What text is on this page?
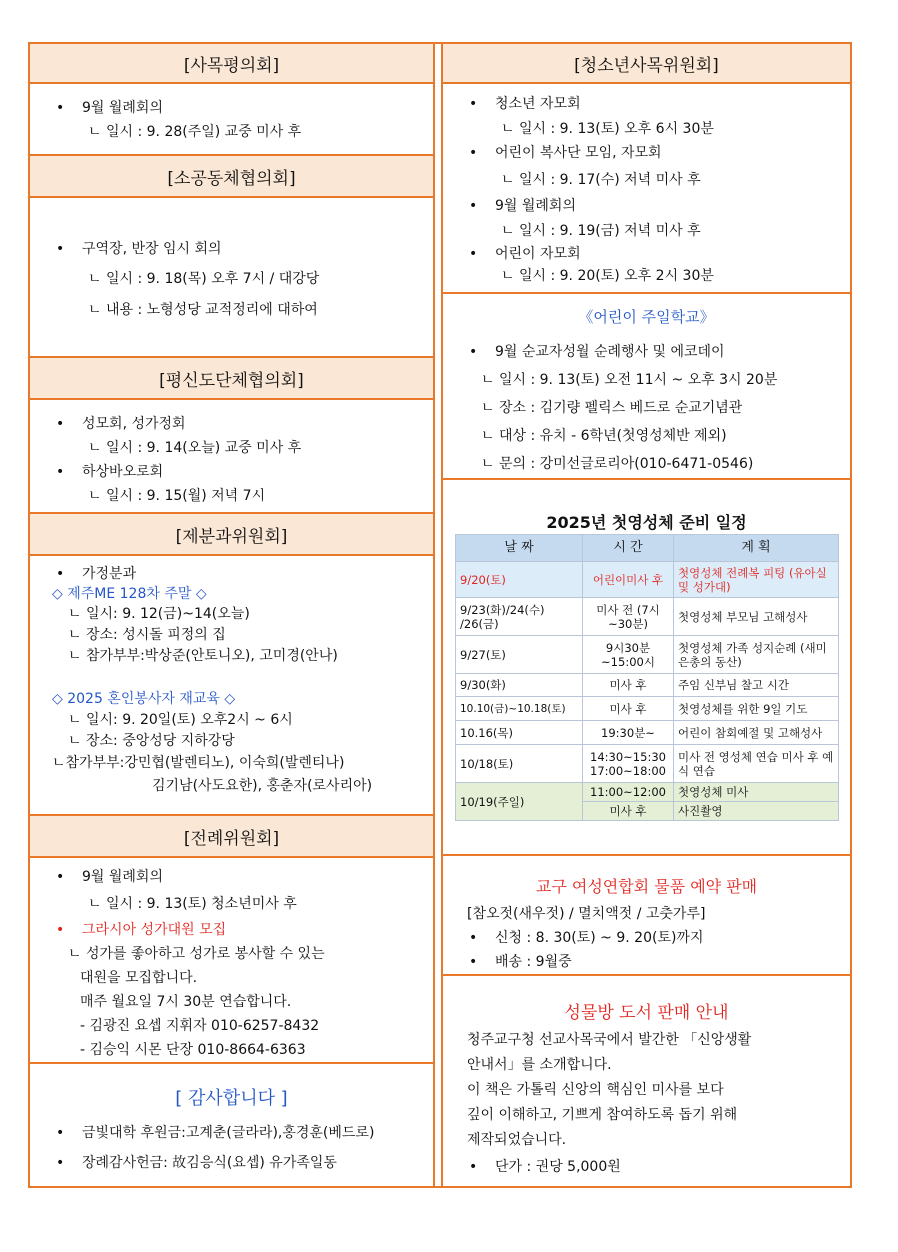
[사목평의회]
• 9월 월례회의
ㄴ 일시 : 9. 28(주일) 교중 미사 후
[소공동체협의회]
• 구역장, 반장 임시 회의
ㄴ 일시 : 9. 18(목) 오후 7시 / 대강당
ㄴ 내용 : 노형성당 교적정리에 대하여
[평신도단체협의회]
• 성모회, 성가정회
ㄴ 일시 : 9. 14(오늘) 교중 미사 후
• 하상바오로회
ㄴ 일시 : 9. 15(월) 저녁 7시
[제분과위원회]
• 가정분과
◇ 제주ME 128차 주말 ◇
ㄴ 일시: 9. 12(금)~14(오늘)
ㄴ 장소: 성시돌 피정의 집
ㄴ 참가부부:박상준(안토니오), 고미경(안나)
◇ 2025 혼인봉사자 재교육 ◇
ㄴ 일시: 9. 20일(토) 오후2시 ~ 6시
ㄴ 장소: 중앙성당 지하강당
ㄴ참가부부:강민협(발렌티노), 이숙희(발렌티나)
김기남(사도요한), 홍춘자(로사리아)
[전례위원회]
• 9월 월례회의
ㄴ 일시 : 9. 13(토) 청소년미사 후
• 그라시아 성가대원 모집
ㄴ 성가를 좋아하고 성가로 봉사할 수 있는
대원을 모집합니다.
매주 월요일 7시 30분 연습합니다.
- 김광진 요셉 지휘자 010-6257-8432
- 김승익 시몬 단장 010-8664-6363
[ 감사합니다 ]
• 금빛대학 후원금:고계춘(글라라),홍경훈(베드로)
• 장례감사헌금: 故김응식(요셉) 유가족일동
[청소년사목위원회]
• 청소년 자모회
ㄴ 일시 : 9. 13(토) 오후 6시 30분
• 어린이 복사단 모임, 자모회
ㄴ 일시 : 9. 17(수) 저녁 미사 후
• 9월 월례회의
ㄴ 일시 : 9. 19(금) 저녁 미사 후
• 어린이 자모회
ㄴ 일시 : 9. 20(토) 오후 2시 30분
《어린이 주일학교》
• 9월 순교자성월 순례행사 및 에코데이
ㄴ 일시 : 9. 13(토) 오전 11시 ~ 오후 3시 20분
ㄴ 장소 : 김기량 펠릭스 베드로 순교기념관
ㄴ 대상 : 유치 - 6학년(첫영성체반 제외)
ㄴ 문의 : 강미선글로리아(010-6471-0546)
2025년 첫영성체 준비 일정
날 짜	시 간	계 획
9/20(토)	어린이미사 후	첫영성체 전례복 피팅 (유아실 및 성가대)
9/23(화)/24(수) /26(금)	미사 전 (7시~30분)	첫영성체 부모님 고해성사
9/27(토)	9시30분 ~15:00시	첫영성체 가족 성지순례 (새미은총의 동산)
9/30(화)	미사 후	주임 신부님 찰고 시간
10.10(금)~10.18(토)	미사 후	첫영성체를 위한 9일 기도
10.16(목)	19:30분~	어린이 참회예절 및 고해성사
10/18(토)	14:30~15:30 17:00~18:00	미사 전 영성체 연습 미사 후 예식 연습
10/19(주일)	11:00~12:00	첫영성체 미사
	미사 후	사진촬영
교구 여성연합회 물품 예약 판매
[참오젓(새우젓) / 멸치액젓 / 고춧가루]
• 신청 : 8. 30(토) ~ 9. 20(토)까지
• 배송 : 9월중
성물방 도서 판매 안내
청주교구청 선교사목국에서 발간한 「신앙생활
안내서」를 소개합니다.
이 책은 가톨릭 신앙의 핵심인 미사를 보다
깊이 이해하고, 기쁘게 참여하도록 돕기 위해
제작되었습니다.
• 단가 : 권당 5,000원
